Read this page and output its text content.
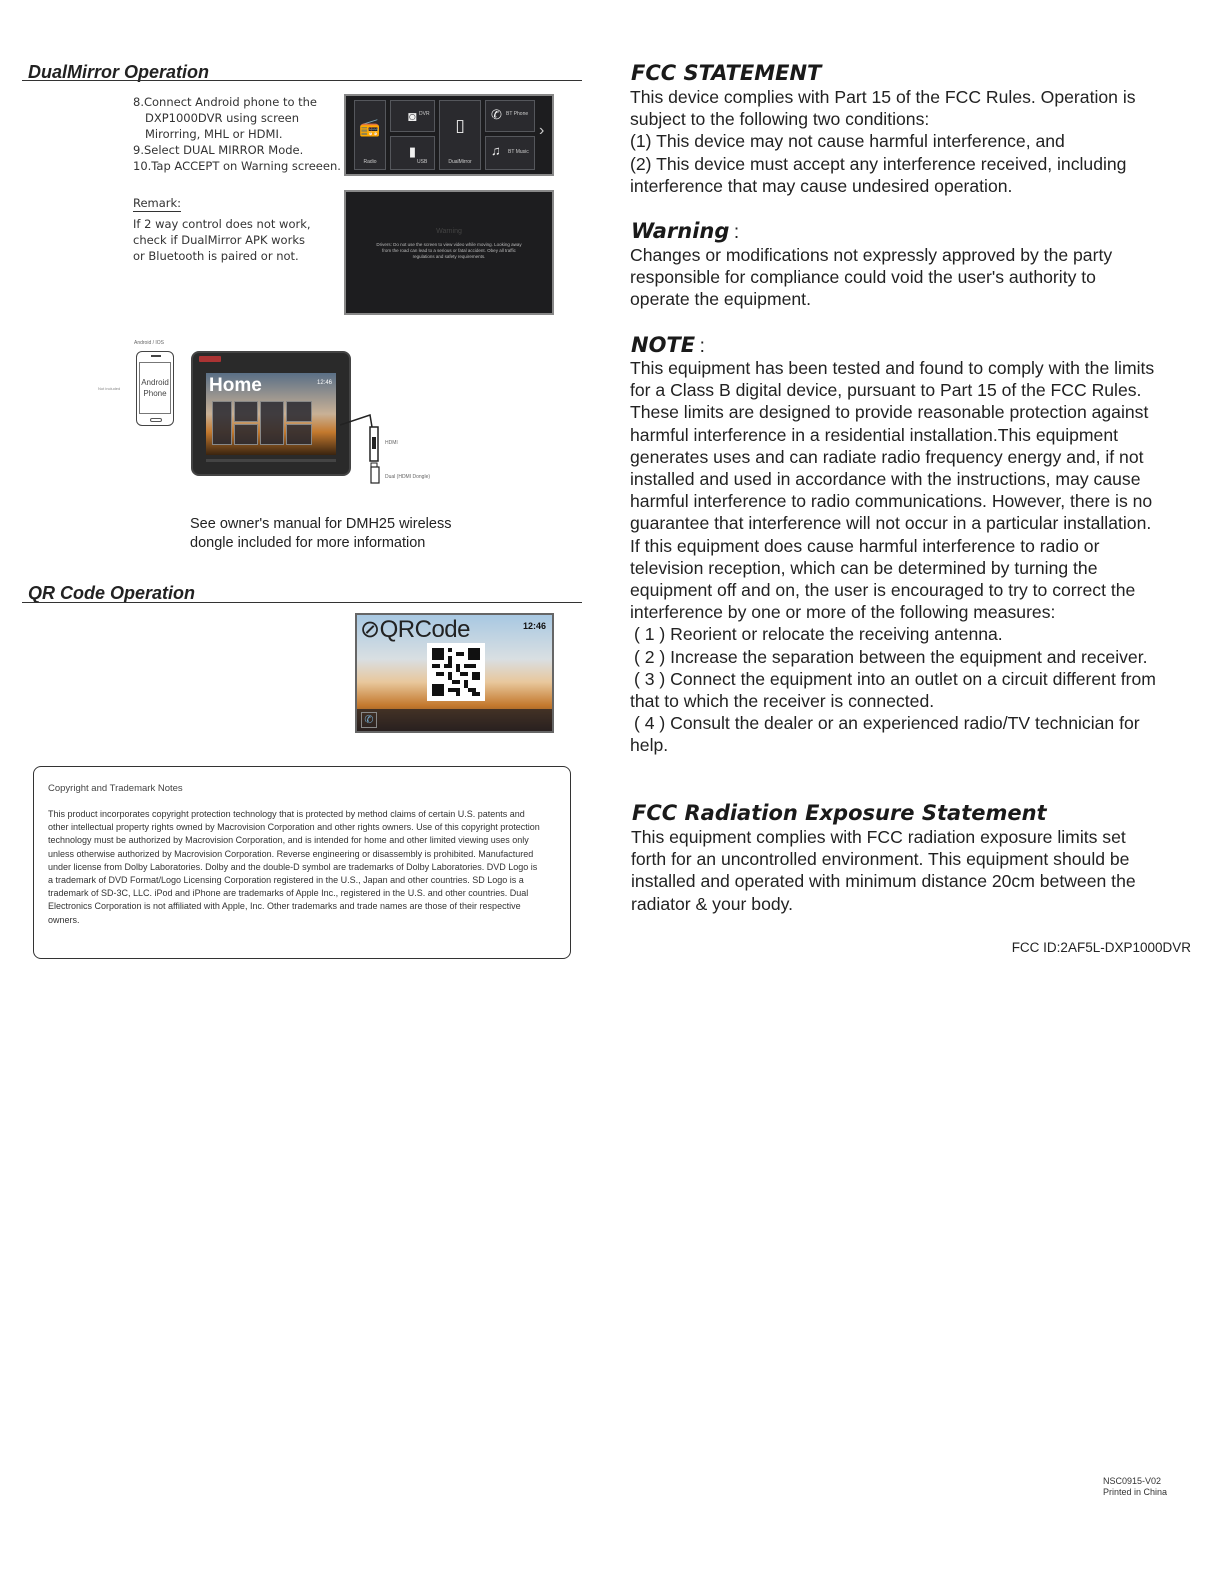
DualMirror Operation
8.Connect Android phone to the DXP1000DVR using screen Mirorring, MHL or HDMI.
9.Select DUAL MIRROR Mode.
10.Tap ACCEPT on Warning screeen.
📻
Radio
◙ DVR
▮
USB
▯
DualMirror
✆ BT Phone
♫	BT Music
›
Remark:
If 2 way control does not work, check if DualMirror APK works or Bluetooth is paired or not.
Warning
Drivers: Do not use the screen to view video while moving. Looking away from the road can lead to a serious or fatal accident. Obey all traffic regulations and safety requirements.
Android / IOS
Android Phone
Not included	Home	12:46
HDMI
Dual (HDMI Dongle)
See owner's manual for DMH25 wireless dongle included for more information
QR Code Operation
⊘QRCode	12:46
✆
Copyright and Trademark Notes
This product incorporates copyright protection technology that is protected by method claims of certain U.S. patents and other intellectual property rights owned by Macrovision Corporation and other rights owners. Use of this copyright protection technology must be authorized by Macrovision Corporation, and is intended for home and other limited viewing uses only unless otherwise authorized by Macrovision Corporation. Reverse engineering or disassembly is prohibited. Manufactured under license from Dolby Laboratories. Dolby and the double-D symbol are trademarks of Dolby Laboratories. DVD Logo is a trademark of DVD Format/Logo Licensing Corporation registered in the U.S., Japan and other countries. SD Logo is a trademark of SD-3C, LLC. iPod and iPhone are trademarks of Apple Inc., registered in the U.S. and other countries. Dual Electronics Corporation is not affiliated with Apple, Inc. Other trademarks and trade names are those of their respective owners.
FCC STATEMENT
This device complies with Part 15 of the FCC Rules. Operation is
subject to the following two conditions:
(1) This device may not cause harmful interference, and
(2) This device must accept any interference received, including
interference that may cause undesired operation.
Warning :
Changes or modifications not expressly approved by the party
responsible for compliance could void the user's authority to
operate the equipment.
NOTE :
This equipment has been tested and found to comply with the limits
for a Class B digital device, pursuant to Part 15 of the FCC Rules.
These limits are designed to provide reasonable protection against
harmful interference in a residential installation.This equipment
generates uses and can radiate radio frequency energy and, if not
installed and used in accordance with the instructions, may cause
harmful interference to radio communications. However, there is no
guarantee that interference will not occur in a particular installation.
If this equipment does cause harmful interference to radio or
television reception, which can be determined by turning the
equipment off and on, the user is encouraged to try to correct the
interference by one or more of the following measures:
( 1 ) Reorient or relocate the receiving antenna.
( 2 ) Increase the separation between the equipment and receiver.
( 3 ) Connect the equipment into an outlet on a circuit different from
that to which the receiver is connected.
( 4 ) Consult the dealer or an experienced radio/TV technician for
help.
FCC Radiation Exposure Statement
This equipment complies with FCC radiation exposure limits set
forth for an uncontrolled environment. This equipment should be
installed and operated with minimum distance 20cm between the
radiator & your body.
FCC ID:2AF5L-DXP1000DVR
NSC0915-V02
Printed in China
